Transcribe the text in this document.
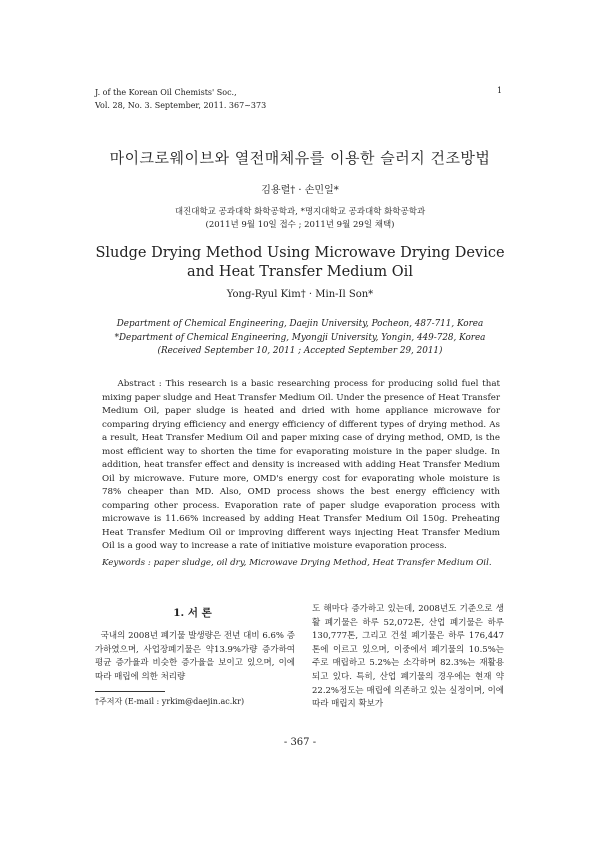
J. of the Korean Oil Chemists' Soc.,
Vol. 28, No. 3. September, 2011. 367~373
1
마이크로웨이브와 열전매체유를 이용한 슬러지 건조방법
김용렬† · 손민일*
대진대학교 공과대학 화학공학과, *명지대학교 공과대학 화학공학과
(2011년 9월 10일 접수 ; 2011년 9월 29일 채택)
Sludge Drying Method Using Microwave Drying Device
and Heat Transfer Medium Oil
Yong-Ryul Kim† · Min-Il Son*
Department of Chemical Engineering, Daejin University, Pocheon, 487-711, Korea
*Department of Chemical Engineering, Myongji University, Yongin, 449-728, Korea
(Received September 10, 2011 ; Accepted September 29, 2011)
Abstract : This research is a basic researching process for producing solid fuel that mixing paper sludge and Heat Transfer Medium Oil. Under the presence of Heat Transfer Medium Oil, paper sludge is heated and dried with home appliance microwave for comparing drying efficiency and energy efficiency of different types of drying method. As a result, Heat Transfer Medium Oil and paper mixing case of drying method, OMD, is the most efficient way to shorten the time for evaporating moisture in the paper sludge. In addition, heat transfer effect and density is increased with adding Heat Transfer Medium Oil by microwave. Future more, OMD's energy cost for evaporating whole moisture is 78% cheaper than MD. Also, OMD process shows the best energy efficiency with comparing other process. Evaporation rate of paper sludge evaporation process with microwave is 11.66% increased by adding Heat Transfer Medium Oil 150g. Preheating Heat Transfer Medium Oil or improving different ways injecting Heat Transfer Medium Oil is a good way to increase a rate of initiative moisture evaporation process.
Keywords : paper sludge, oil dry, Microwave Drying Method, Heat Transfer Medium Oil.
1. 서 론
국내의 2008년 폐기물 발생량은 전년 대비 6.6% 증가하였으며, 사업장폐기물은 약13.9%가량 증가하여 평균 증가율과 비슷한 증가율을 보이고 있으며, 이에 따라 매립에 의한 처리량
도 해마다 증가하고 있는데, 2008년도 기준으로 생활 폐기물은 하루 52,072톤, 산업 폐기물은 하루 130,777톤, 그리고 건설 폐기물은 하루 176,447톤에 이르고 있으며, 이중에서 폐기물의 10.5%는 주로 매립하고 5.2%는 소각하며 82.3%는 재활용되고 있다. 특히, 산업 폐기물의 경우에는 현재 약 22.2%정도는 매립에 의존하고 있는 실정이며, 이에 따라 매립지 확보가
†주저자 (E-mail : yrkim@daejin.ac.kr)
- 367 -
